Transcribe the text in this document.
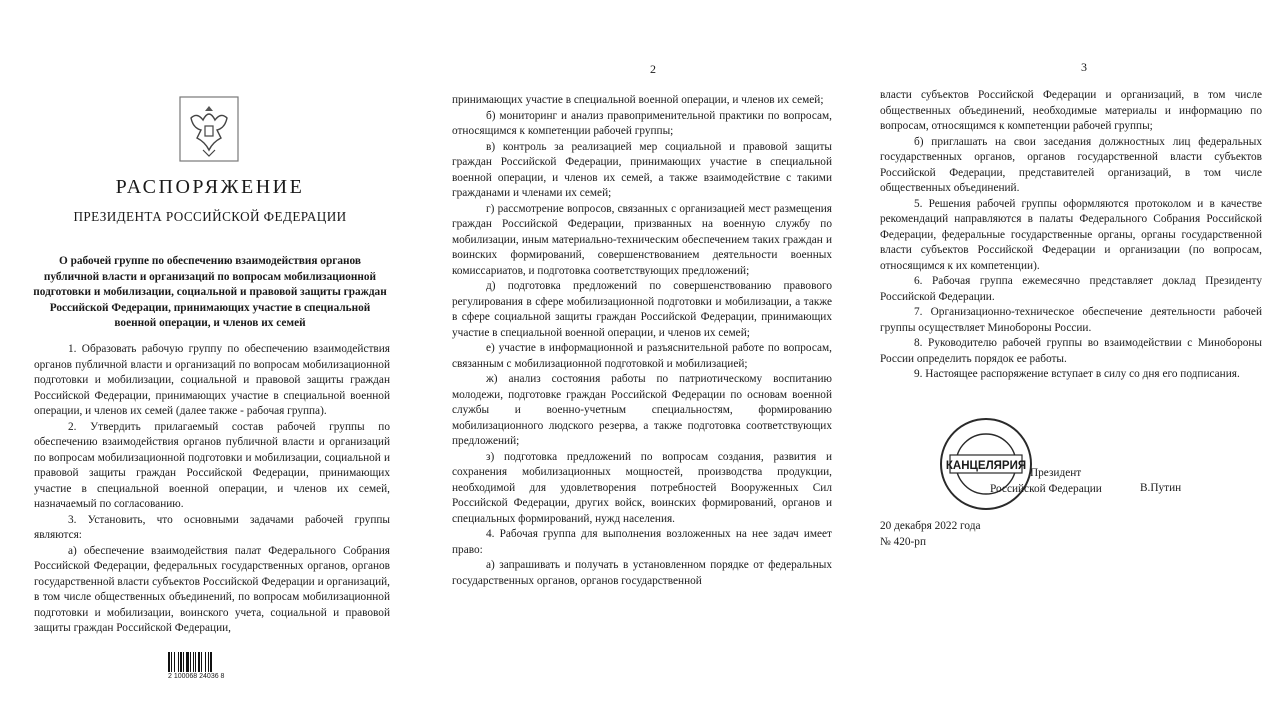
РАСПОРЯЖЕНИЕ
ПРЕЗИДЕНТА РОССИЙСКОЙ ФЕДЕРАЦИИ
О рабочей группе по обеспечению взаимодействия органов публичной власти и организаций по вопросам мобилизационной подготовки и мобилизации, социальной и правовой защиты граждан Российской Федерации, принимающих участие в специальной военной операции, и членов их семей

1. Образовать рабочую группу по обеспечению взаимодействия органов публичной власти и организаций по вопросам мобилизационной подготовки и мобилизации, социальной и правовой защиты граждан Российской Федерации, принимающих участие в специальной военной операции, и членов их семей (далее также - рабочая группа).

2. Утвердить прилагаемый состав рабочей группы по обеспечению взаимодействия органов публичной власти и организаций по вопросам мобилизационной подготовки и мобилизации, социальной и правовой защиты граждан Российской Федерации, принимающих участие в специальной военной операции, и членов их семей, назначаемый по согласованию.

3. Установить, что основными задачами рабочей группы являются:

а) обеспечение взаимодействия палат Федерального Собрания Российской Федерации, федеральных государственных органов, органов государственной власти субъектов Российской Федерации и организаций, в том числе общественных объединений, по вопросам мобилизационной подготовки и мобилизации, воинского учета, социальной и правовой защиты граждан Российской Федерации,

2 100068 24036 8
2

принимающих участие в специальной военной операции, и членов их семей;

б) мониторинг и анализ правоприменительной практики по вопросам, относящимся к компетенции рабочей группы;

в) контроль за реализацией мер социальной и правовой защиты граждан Российской Федерации, принимающих участие в специальной военной операции, и членов их семей, а также взаимодействие с такими гражданами и членами их семей;

г) рассмотрение вопросов, связанных с организацией мест размещения граждан Российской Федерации, призванных на военную службу по мобилизации, иным материально-техническим обеспечением таких граждан и воинских формирований, совершенствованием деятельности военных комиссариатов, и подготовка соответствующих предложений;

д) подготовка предложений по совершенствованию правового регулирования в сфере мобилизационной подготовки и мобилизации, а также в сфере социальной защиты граждан Российской Федерации, принимающих участие в специальной военной операции, и членов их семей;

е) участие в информационной и разъяснительной работе по вопросам, связанным с мобилизационной подготовкой и мобилизацией;

ж) анализ состояния работы по патриотическому воспитанию молодежи, подготовке граждан Российской Федерации по основам военной службы и военно-учетным специальностям, формированию мобилизационного людского резерва, а также подготовка соответствующих предложений;

з) подготовка предложений по вопросам создания, развития и сохранения мобилизационных мощностей, производства продукции, необходимой для удовлетворения потребностей Вооруженных Сил Российской Федерации, других войск, воинских формирований, органов и специальных формирований, нужд населения.

4. Рабочая группа для выполнения возложенных на нее задач имеет право:

а) запрашивать и получать в установленном порядке от федеральных государственных органов, органов государственной

3

власти субъектов Российской Федерации и организаций, в том числе общественных объединений, необходимые материалы и информацию по вопросам, относящимся к компетенции рабочей группы;

б) приглашать на свои заседания должностных лиц федеральных государственных органов, органов государственной власти субъектов Российской Федерации, представителей организаций, в том числе общественных объединений.

5. Решения рабочей группы оформляются протоколом и в качестве рекомендаций направляются в палаты Федерального Собрания Российской Федерации, федеральные государственные органы, органы государственной власти субъектов Российской Федерации и организации (по вопросам, относящимся к их компетенции).

6. Рабочая группа ежемесячно представляет доклад Президенту Российской Федерации.

7. Организационно-техническое обеспечение деятельности рабочей группы осуществляет Минобороны России.

8. Руководителю рабочей группы во взаимодействии с Минобороны России определить порядок ее работы.

9. Настоящее распоряжение вступает в силу со дня его подписания.

КАНЦЕЛЯРИЯ
Президент
Российской Федерации	В.Путин
20 декабря 2022 года
№ 420-рп
